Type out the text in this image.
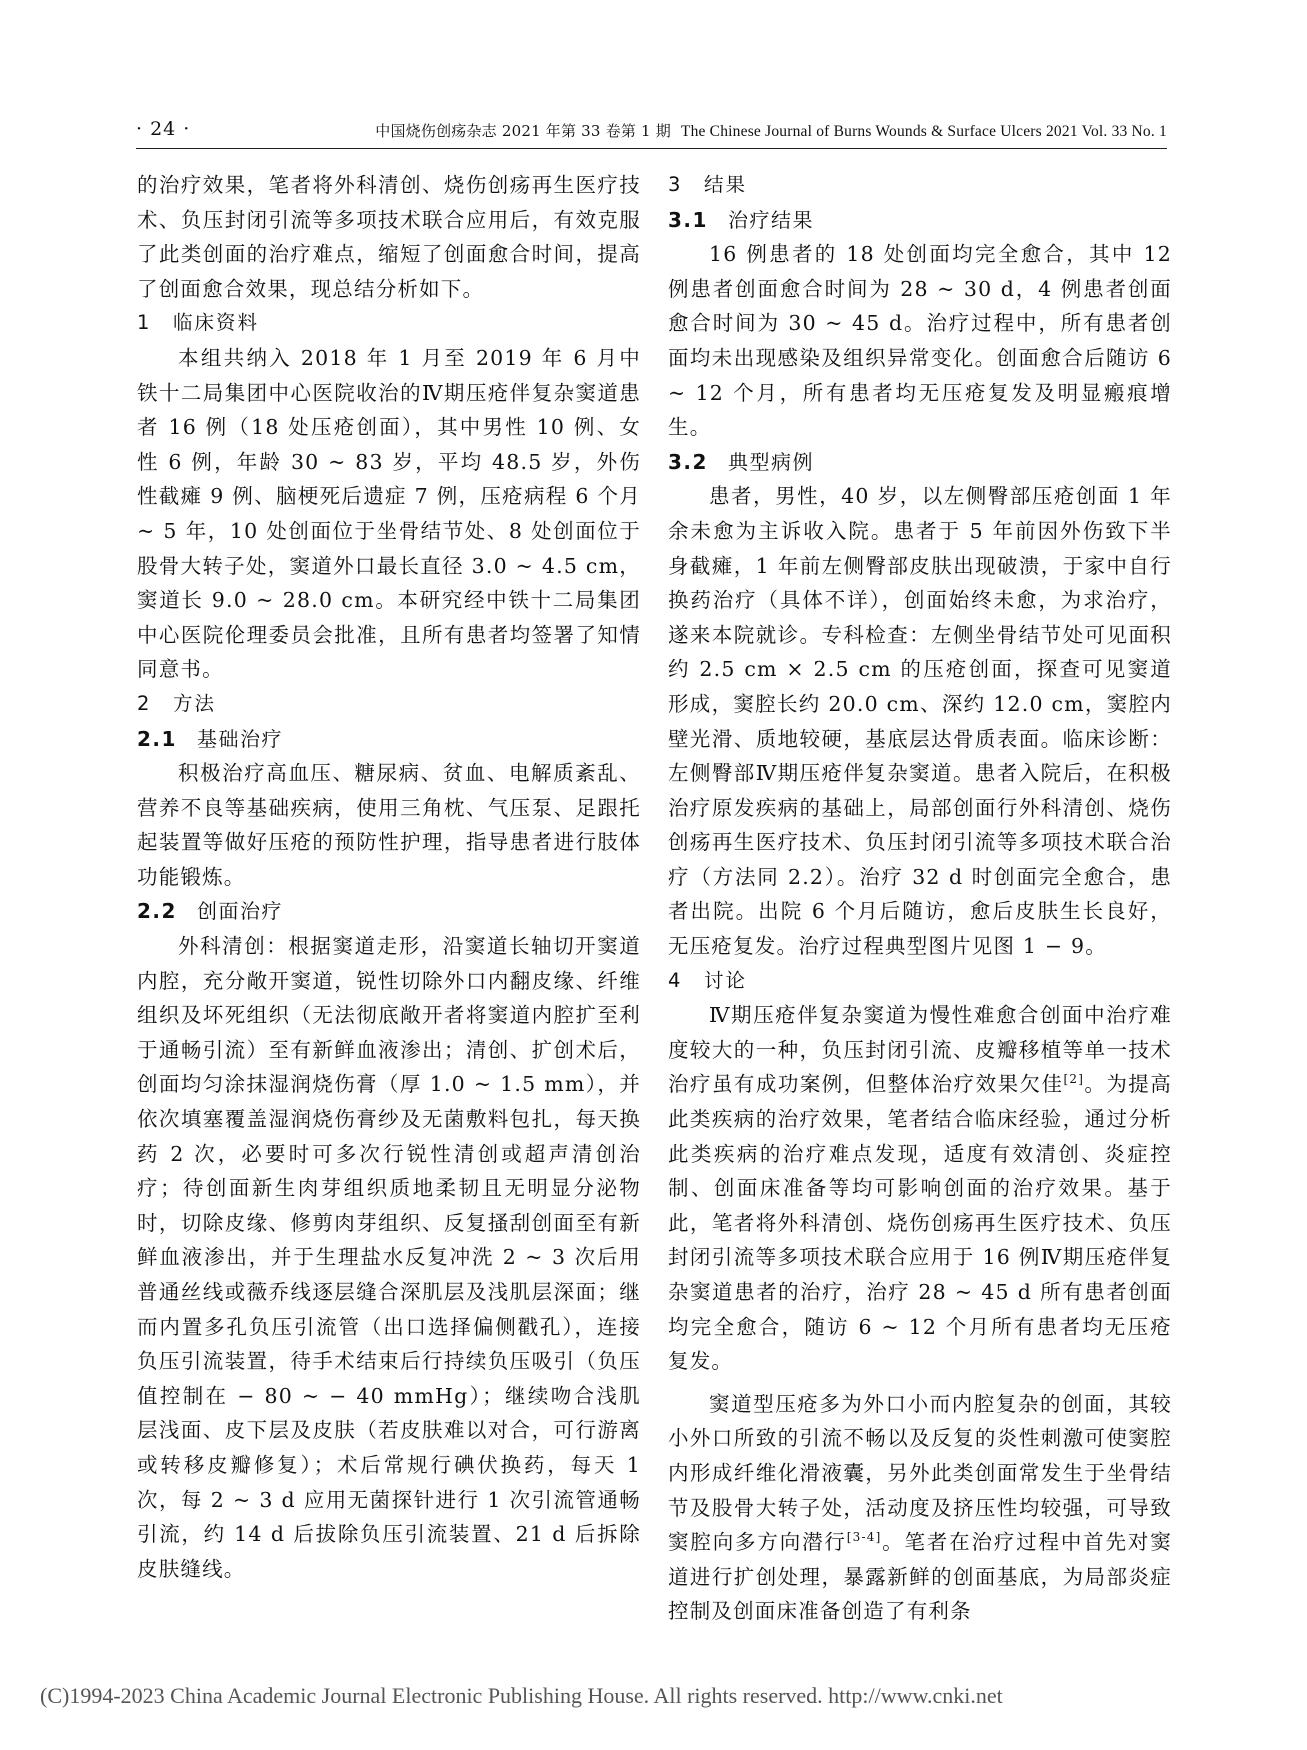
· 24 ·	中国烧伤创疡杂志 2021 年第 33 卷第 1 期 The Chinese Journal of Burns Wounds & Surface Ulcers 2021 Vol. 33 No. 1

的治疗效果，笔者将外科清创、烧伤创疡再生医疗技术、负压封闭引流等多项技术联合应用后，有效克服了此类创面的治疗难点，缩短了创面愈合时间，提高了创面愈合效果，现总结分析如下。

1 临床资料

本组共纳入 2018 年 1 月至 2019 年 6 月中铁十二局集团中心医院收治的Ⅳ期压疮伴复杂窦道患者 16 例（18 处压疮创面），其中男性 10 例、女性 6 例，年龄 30 ~ 83 岁，平均 48.5 岁，外伤性截瘫 9 例、脑梗死后遗症 7 例，压疮病程 6 个月 ~ 5 年，10 处创面位于坐骨结节处、8 处创面位于股骨大转子处，窦道外口最长直径 3.0 ~ 4.5 cm，窦道长 9.0 ~ 28.0 cm。本研究经中铁十二局集团中心医院伦理委员会批准，且所有患者均签署了知情同意书。

2 方法

2.1 基础治疗

积极治疗高血压、糖尿病、贫血、电解质紊乱、营养不良等基础疾病，使用三角枕、气压泵、足跟托起装置等做好压疮的预防性护理，指导患者进行肢体功能锻炼。

2.2 创面治疗

外科清创：根据窦道走形，沿窦道长轴切开窦道内腔，充分敞开窦道，锐性切除外口内翻皮缘、纤维组织及坏死组织（无法彻底敞开者将窦道内腔扩至利于通畅引流）至有新鲜血液渗出；清创、扩创术后，创面均匀涂抹湿润烧伤膏（厚 1.0 ~ 1.5 mm），并依次填塞覆盖湿润烧伤膏纱及无菌敷料包扎，每天换药 2 次，必要时可多次行锐性清创或超声清创治疗；待创面新生肉芽组织质地柔韧且无明显分泌物时，切除皮缘、修剪肉芽组织、反复搔刮创面至有新鲜血液渗出，并于生理盐水反复冲洗 2 ~ 3 次后用普通丝线或薇乔线逐层缝合深肌层及浅肌层深面；继而内置多孔负压引流管（出口选择偏侧戳孔），连接负压引流装置，待手术结束后行持续负压吸引（负压值控制在 − 80 ~ − 40 mmHg）；继续吻合浅肌层浅面、皮下层及皮肤（若皮肤难以对合，可行游离或转移皮瓣修复）；术后常规行碘伏换药，每天 1 次，每 2 ~ 3 d 应用无菌探针进行 1 次引流管通畅引流，约 14 d 后拔除负压引流装置、21 d 后拆除皮肤缝线。

3 结果

3.1 治疗结果

16 例患者的 18 处创面均完全愈合，其中 12 例患者创面愈合时间为 28 ~ 30 d，4 例患者创面愈合时间为 30 ~ 45 d。治疗过程中，所有患者创面均未出现感染及组织异常变化。创面愈合后随访 6 ~ 12 个月，所有患者均无压疮复发及明显瘢痕增生。

3.2 典型病例

患者，男性，40 岁，以左侧臀部压疮创面 1 年余未愈为主诉收入院。患者于 5 年前因外伤致下半身截瘫，1 年前左侧臀部皮肤出现破溃，于家中自行换药治疗（具体不详），创面始终未愈，为求治疗，遂来本院就诊。专科检查：左侧坐骨结节处可见面积约 2.5 cm × 2.5 cm 的压疮创面，探查可见窦道形成，窦腔长约 20.0 cm、深约 12.0 cm，窦腔内壁光滑、质地较硬，基底层达骨质表面。临床诊断：左侧臀部Ⅳ期压疮伴复杂窦道。患者入院后，在积极治疗原发疾病的基础上，局部创面行外科清创、烧伤创疡再生医疗技术、负压封闭引流等多项技术联合治疗（方法同 2.2）。治疗 32 d 时创面完全愈合，患者出院。出院 6 个月后随访，愈后皮肤生长良好，无压疮复发。治疗过程典型图片见图 1 − 9。

4 讨论

Ⅳ期压疮伴复杂窦道为慢性难愈合创面中治疗难度较大的一种，负压封闭引流、皮瓣移植等单一技术治疗虽有成功案例，但整体治疗效果欠佳[2]。为提高此类疾病的治疗效果，笔者结合临床经验，通过分析此类疾病的治疗难点发现，适度有效清创、炎症控制、创面床准备等均可影响创面的治疗效果。基于此，笔者将外科清创、烧伤创疡再生医疗技术、负压封闭引流等多项技术联合应用于 16 例Ⅳ期压疮伴复杂窦道患者的治疗，治疗 28 ~ 45 d 所有患者创面均完全愈合，随访 6 ~ 12 个月所有患者均无压疮复发。

窦道型压疮多为外口小而内腔复杂的创面，其较小外口所致的引流不畅以及反复的炎性刺激可使窦腔内形成纤维化滑液囊，另外此类创面常发生于坐骨结节及股骨大转子处，活动度及挤压性均较强，可导致窦腔向多方向潜行[3-4]。笔者在治疗过程中首先对窦道进行扩创处理，暴露新鲜的创面基底，为局部炎症控制及创面床准备创造了有利条

(C)1994-2023 China Academic Journal Electronic Publishing House. All rights reserved. http://www.cnki.net
